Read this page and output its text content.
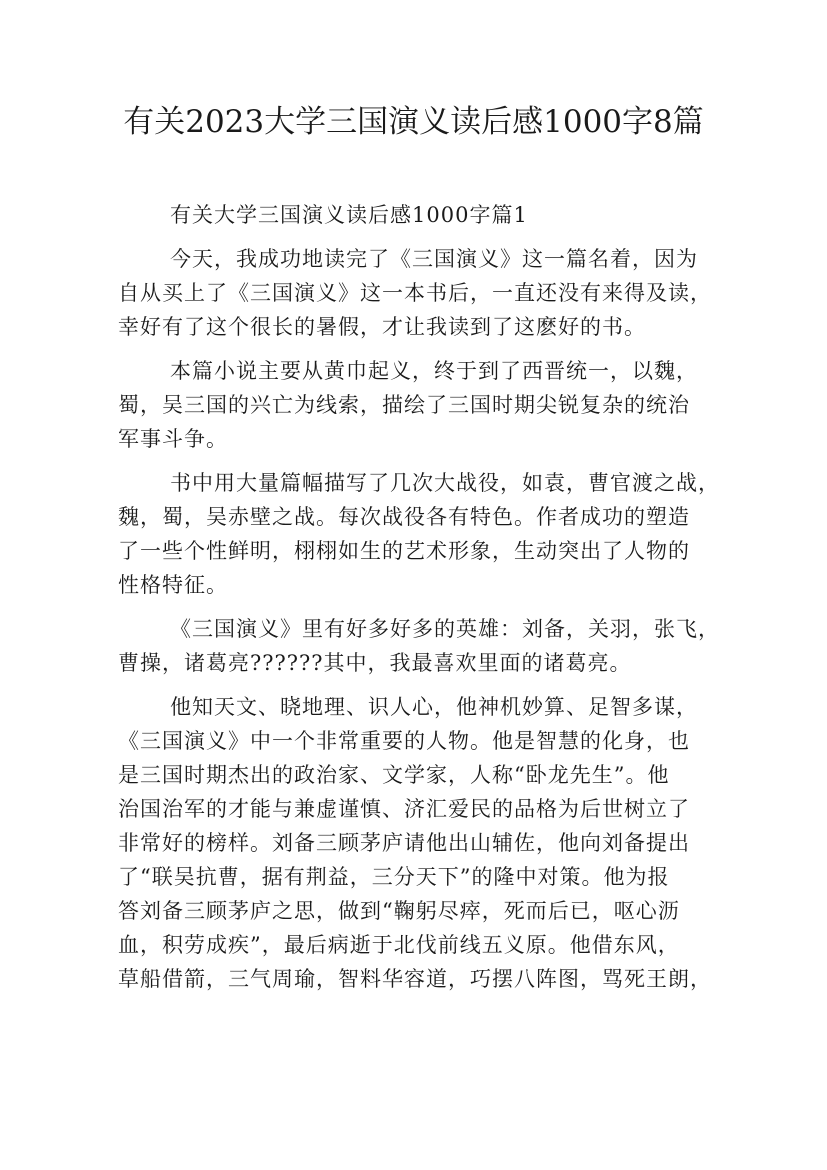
有关2023大学三国演义读后感1000字8篇
有关大学三国演义读后感1000字篇1
今天，我成功地读完了《三国演义》这一篇名着，因为
自从买上了《三国演义》这一本书后，一直还没有来得及读，
幸好有了这个很长的暑假，才让我读到了这麽好的书。
本篇小说主要从黄巾起义，终于到了西晋统一，以魏，
蜀，吴三国的兴亡为线索，描绘了三国时期尖锐复杂的统治
军事斗争。
书中用大量篇幅描写了几次大战役，如袁，曹官渡之战，
魏，蜀，吴赤壁之战。每次战役各有特色。作者成功的塑造
了一些个性鲜明，栩栩如生的艺术形象，生动突出了人物的
性格特征。
《三国演义》里有好多好多的英雄：刘备，关羽，张飞，
曹操，诸葛亮??????其中，我最喜欢里面的诸葛亮。
他知天文、晓地理、识人心，他神机妙算、足智多谋，
《三国演义》中一个非常重要的人物。他是智慧的化身，也
是三国时期杰出的政治家、文学家，人称“卧龙先生”。他
治国治军的才能与兼虚谨慎、济汇爱民的品格为后世树立了
非常好的榜样。刘备三顾茅庐请他出山辅佐，他向刘备提出
了“联吴抗曹，据有荆益，三分天下”的隆中对策。他为报
答刘备三顾茅庐之思，做到“鞠躬尽瘁，死而后已，呕心沥
血，积劳成疾”，最后病逝于北伐前线五义原。他借东风，
草船借箭，三气周瑜，智料华容道，巧摆八阵图，骂死王朗，
